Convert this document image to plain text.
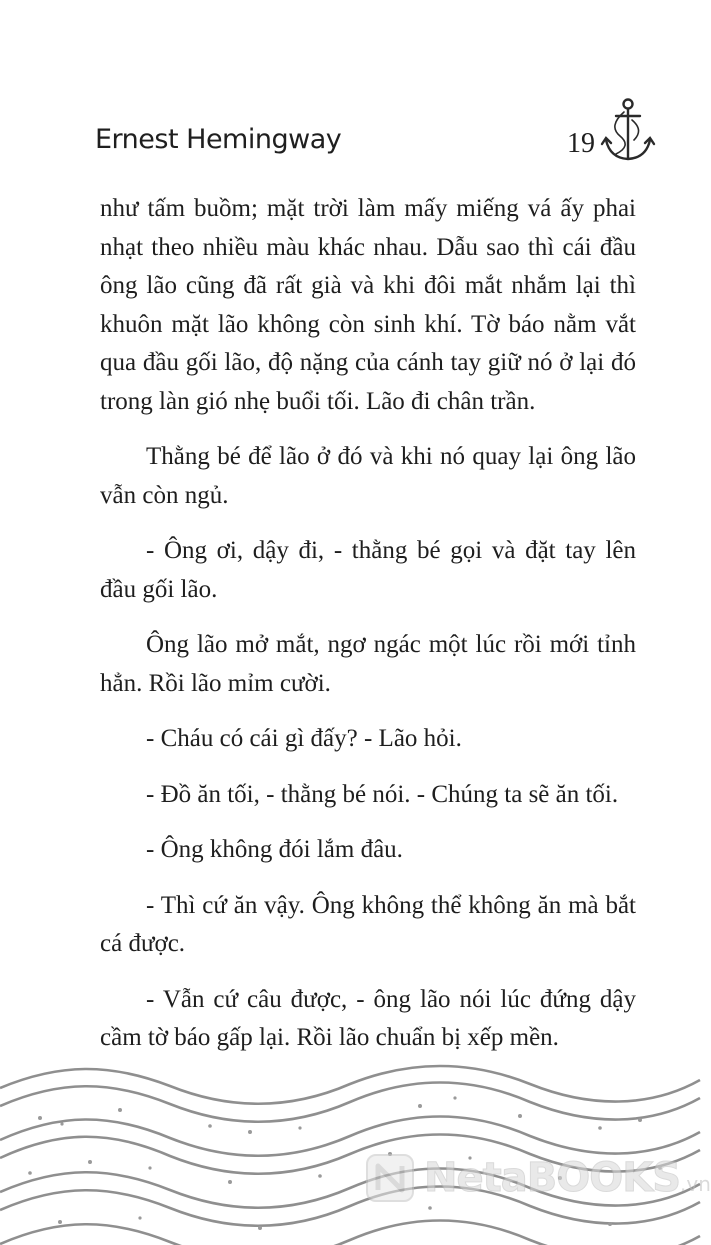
Ernest Hemingway	19

như tấm buồm; mặt trời làm mấy miếng vá ấy phai nhạt theo nhiều màu khác nhau. Dẫu sao thì cái đầu ông lão cũng đã rất già và khi đôi mắt nhắm lại thì khuôn mặt lão không còn sinh khí. Tờ báo nằm vắt qua đầu gối lão, độ nặng của cánh tay giữ nó ở lại đó trong làn gió nhẹ buổi tối. Lão đi chân trần.

Thằng bé để lão ở đó và khi nó quay lại ông lão vẫn còn ngủ.

- Ông ơi, dậy đi, - thằng bé gọi và đặt tay lên đầu gối lão.

Ông lão mở mắt, ngơ ngác một lúc rồi mới tỉnh hẳn. Rồi lão mỉm cười.

- Cháu có cái gì đấy? - Lão hỏi.

- Đồ ăn tối, - thằng bé nói. - Chúng ta sẽ ăn tối.

- Ông không đói lắm đâu.

- Thì cứ ăn vậy. Ông không thể không ăn mà bắt cá được.

- Vẫn cứ câu được, - ông lão nói lúc đứng dậy cầm tờ báo gấp lại. Rồi lão chuẩn bị xếp mền.

NetaBOOKS.vn
